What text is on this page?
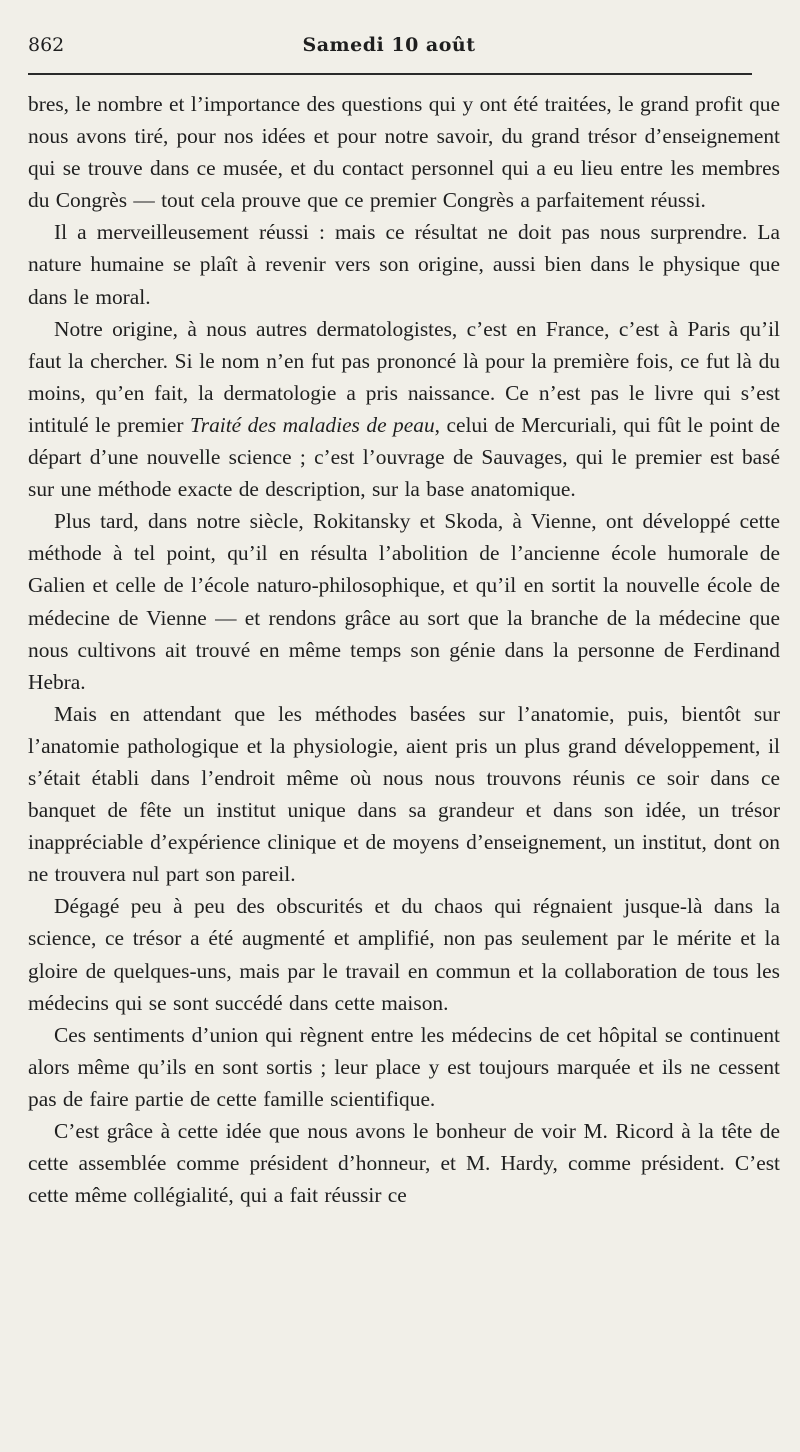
862	Samedi 10 août

bres, le nombre et l’importance des questions qui y ont été traitées, le grand profit que nous avons tiré, pour nos idées et pour notre savoir, du grand trésor d’enseignement qui se trouve dans ce musée, et du contact personnel qui a eu lieu entre les membres du Congrès — tout cela prouve que ce premier Congrès a parfaitement réussi.

Il a merveilleusement réussi : mais ce résultat ne doit pas nous surprendre. La nature humaine se plaît à revenir vers son origine, aussi bien dans le physique que dans le moral.

Notre origine, à nous autres dermatologistes, c’est en France, c’est à Paris qu’il faut la chercher. Si le nom n’en fut pas prononcé là pour la première fois, ce fut là du moins, qu’en fait, la dermatologie a pris naissance. Ce n’est pas le livre qui s’est intitulé le premier Traité des maladies de peau, celui de Mercuriali, qui fût le point de départ d’une nouvelle science ; c’est l’ouvrage de Sauvages, qui le premier est basé sur une méthode exacte de description, sur la base anatomique.

Plus tard, dans notre siècle, Rokitansky et Skoda, à Vienne, ont développé cette méthode à tel point, qu’il en résulta l’abolition de l’ancienne école humorale de Galien et celle de l’école naturo-philosophique, et qu’il en sortit la nouvelle école de médecine de Vienne — et rendons grâce au sort que la branche de la médecine que nous cultivons ait trouvé en même temps son génie dans la personne de Ferdinand Hebra.

Mais en attendant que les méthodes basées sur l’anatomie, puis, bientôt sur l’anatomie pathologique et la physiologie, aient pris un plus grand développement, il s’était établi dans l’endroit même où nous nous trouvons réunis ce soir dans ce banquet de fête un institut unique dans sa grandeur et dans son idée, un trésor inappréciable d’expérience clinique et de moyens d’enseignement, un institut, dont on ne trouvera nul part son pareil.

Dégagé peu à peu des obscurités et du chaos qui régnaient jusque-là dans la science, ce trésor a été augmenté et amplifié, non pas seulement par le mérite et la gloire de quelques-uns, mais par le travail en commun et la collaboration de tous les médecins qui se sont succédé dans cette maison.

Ces sentiments d’union qui règnent entre les médecins de cet hôpital se continuent alors même qu’ils en sont sortis ; leur place y est toujours marquée et ils ne cessent pas de faire partie de cette famille scientifique.

C’est grâce à cette idée que nous avons le bonheur de voir M. Ricord à la tête de cette assemblée comme président d’honneur, et M. Hardy, comme président. C’est cette même collégialité, qui a fait réussir ce
